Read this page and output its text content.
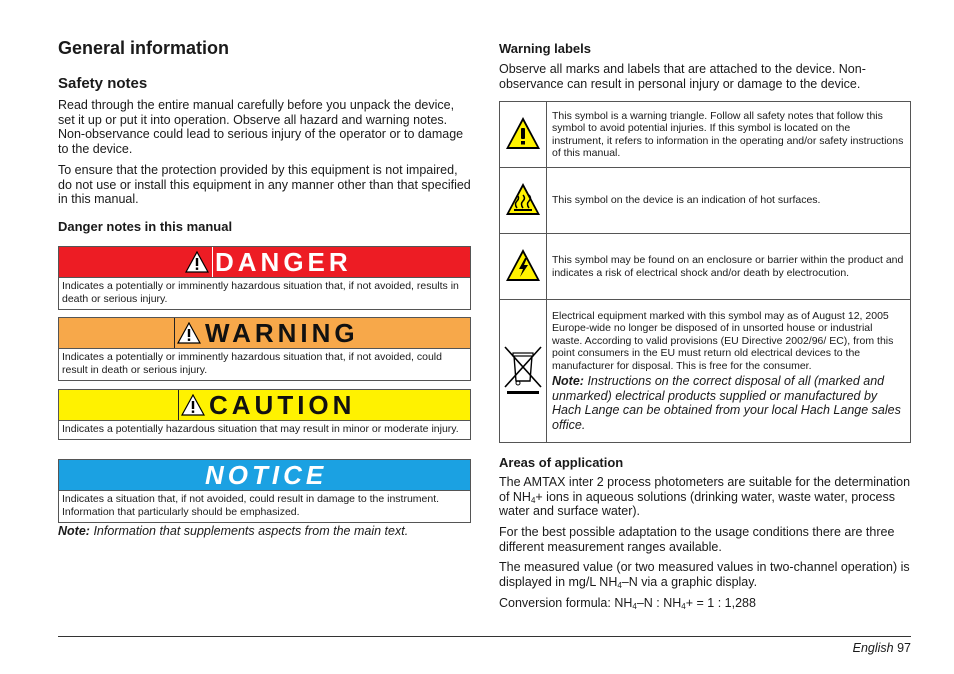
General information
Safety notes

Read through the entire manual carefully before you unpack the device, set it up or put it into operation. Observe all hazard and warning notes. Non-observance could lead to serious injury of the operator or to damage to the device.

To ensure that the protection provided by this equipment is not impaired, do not use or install this equipment in any manner other than that specified in this manual.

Danger notes in this manual
DANGER
Indicates a potentially or imminently hazardous situation that, if not avoided, results in death or serious injury.
WARNING
Indicates a potentially or imminently hazardous situation that, if not avoided, could result in death or serious injury.
CAUTION
Indicates a potentially hazardous situation that may result in minor or moderate injury.
NOTICE
Indicates a situation that, if not avoided, could result in damage to the instrument. Information that particularly should be emphasized.

Note: Information that supplements aspects from the main text.

Warning labels

Observe all marks and labels that are attached to the device. Non-observance can result in personal injury or damage to the device.

	This symbol is a warning triangle. Follow all safety notes that follow this symbol to avoid potential injuries. If this symbol is located on the instrument, it refers to information in the operating and/or safety instructions of this manual.
	This symbol on the device is an indication of hot surfaces.
	This symbol may be found on an enclosure or barrier within the product and indicates a risk of electrical shock and/or death by electrocution.

Electrical equipment marked with this symbol may as of August 12, 2005 Europe-wide no longer be disposed of in unsorted house or industrial waste. According to valid provisions (EU Directive 2002/96/ EC), from this point consumers in the EU must return old electrical devices to the manufacturer for disposal. This is free for the consumer.
Note: Instructions on the correct disposal of all (marked and unmarked) electrical products supplied or manufactured by Hach Lange can be obtained from your local Hach Lange sales office.
Areas of application

The AMTAX inter 2 process photometers are suitable for the determination of $NH_4+$ ions in aqueous solutions (drinking water, waste water, process water and surface water).

For the best possible adaptation to the usage conditions there are three different measurement ranges available.

The measured value (or two measured values in two-channel operation) is displayed in mg/L $NH_4-N$ via a graphic display.

Conversion formula: $NH_4-N$ : $NH_4+ = 1$ : 1,288

English 97
